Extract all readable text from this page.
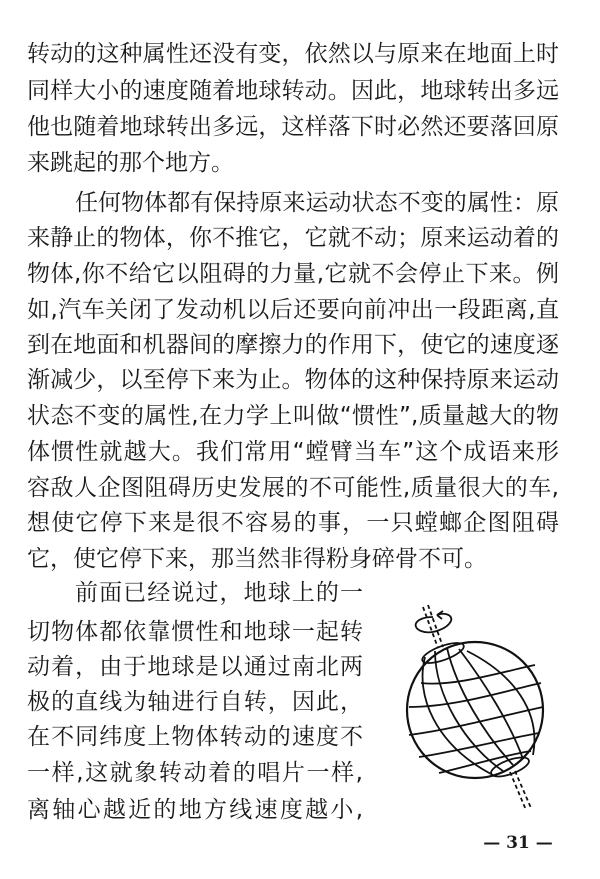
转动的这种属性还没有变，依然以与原来在地面上时
同样大小的速度随着地球转动。因此，地球转出多远
他也随着地球转出多远，这样落下时必然还要落回原
来跳起的那个地方。
任何物体都有保持原来运动状态不变的属性：原
来静止的物体，你不推它，它就不动；原来运动着的
物体,你不给它以阻碍的力量,它就不会停止下来。例
如,汽车关闭了发动机以后还要向前冲出一段距离,直
到在地面和机器间的摩擦力的作用下，使它的速度逐
渐减少，以至停下来为止。物体的这种保持原来运动
状态不变的属性,在力学上叫做“惯性”,质量越大的物
体惯性就越大。我们常用“螳臂当车”这个成语来形
容敌人企图阻碍历史发展的不可能性,质量很大的车,
想使它停下来是很不容易的事，一只螳螂企图阻碍
它，使它停下来，那当然非得粉身碎骨不可。
前面已经说过，地球上的一
切物体都依靠惯性和地球一起转
动着，由于地球是以通过南北两
极的直线为轴进行自转，因此，
在不同纬度上物体转动的速度不
一样,这就象转动着的唱片一样,
离轴心越近的地方线速度越小,
— 31 —
